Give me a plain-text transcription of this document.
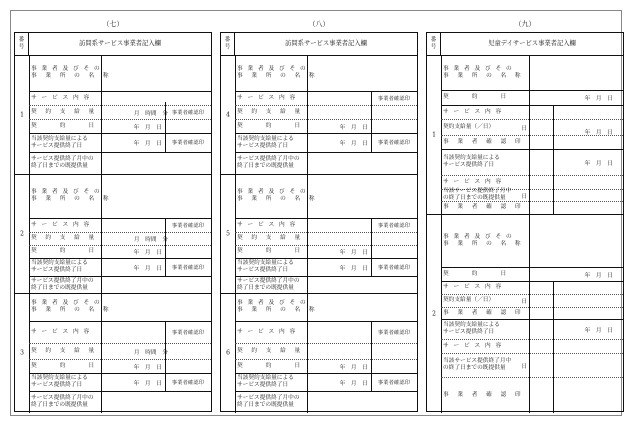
（七）
番
号	訪問系サービス事業者記入欄
1
事 業 者 及 び そ の
事　業　所　の　名　称
サ ー ビ ス 内 容
契　約　支　給　量	月　時間　分
契　　　約　　　日	年　月　日
当該契約支給量による
サービス提供終了日	年　月　日
サービス提供終了月中の
終了日までの既提供量
事業者確認印
事業者確認印
2
事 業 者 及 び そ の
事　業　所　の　名　称
サ ー ビ ス 内 容
契　約　支　給　量	月　時間　分
契　　　約　　　日	年　月　日
当該契約支給量による
サービス提供終了日	年　月　日
サービス提供終了月中の
終了日までの既提供量
事業者確認印
事業者確認印
3
事 業 者 及 び そ の
事　業　所　の　名　称
サ ー ビ ス 内 容
契　約　支　給　量	月　時間　分
契　　　約　　　日	年　月　日
当該契約支給量による
サービス提供終了日	年　月　日
サービス提供終了月中の
終了日までの既提供量
事業者確認印
事業者確認印
（八）
番
号	訪問系サービス事業者記入欄
4
事 業 者 及 び そ の
事　業　所　の　名　称
サ ー ビ ス 内 容
契　約　支　給　量
契　　　約　　　日	年　月　日
当該契約支給量による
サービス提供終了日	年　月　日
サービス提供終了月中の
終了日までの既提供量
事業者確認印
事業者確認印
5
事 業 者 及 び そ の
事　業　所　の　名　称
サ ー ビ ス 内 容
契　約　支　給　量
契　　　約　　　日	年　月　日
当該契約支給量による
サービス提供終了日	年　月　日
サービス提供終了月中の
終了日までの既提供量
事業者確認印
事業者確認印
6
事 業 者 及 び そ の
事　業　所　の　名　称
サ ー ビ ス 内 容
契　約　支　給　量
契　　　約　　　日	年　月　日
当該契約支給量による
サービス提供終了日	年　月　日
サービス提供終了月中の
終了日までの既提供量
事業者確認印
事業者確認印
（九）
番
号	児童デイサービス事業者記入欄
1
事 業 者 及 び そ の
事　業　所　の　名　称
契　　　約　　　日	年　月　日
サ ー ビ ス 内 容
契約支給量（／日）	日
年　月　日
事　業　者　確　認　印
当該契約支給量による
サービス提供終了日	年　月　日
サ ー ビ ス 内 容
当該サービス提供終了月中
の終了日までの既提供量	日
事　業　者　確　認　印
2
事 業 者 及 び そ の
事　業　所　の　名　称
契　　　約　　　日	年　月　日
サ ー ビ ス 内 容
契約支給量（／日）	日
事　業　者　確　認　印
当該契約支給量による
サービス提供終了日	年　月　日
サ ー ビ ス 内 容
当該サービス提供終了月中
の終了日までの既提供量	日
事　業　者　確　認　印
